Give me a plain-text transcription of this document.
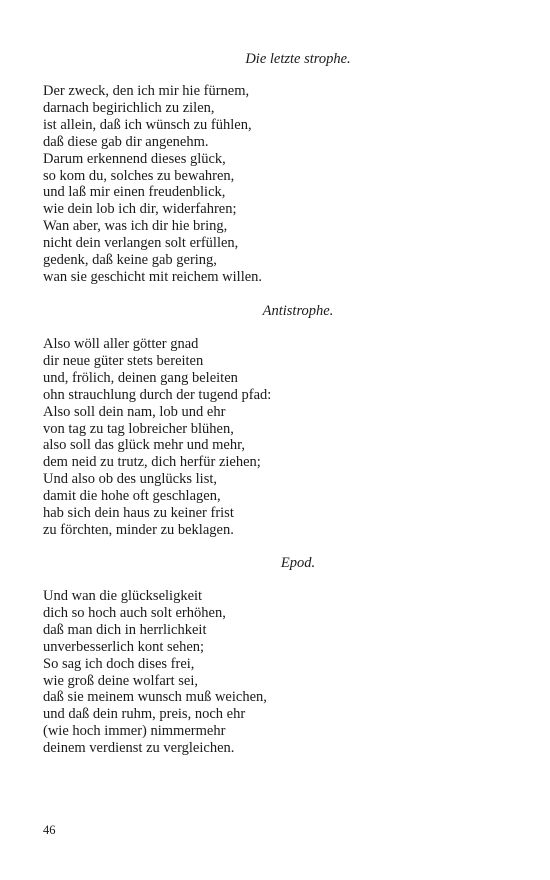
Die letzte strophe.

Der zweck, den ich mir hie fürnem,
darnach begirichlich zu zilen,
ist allein, daß ich wünsch zu fühlen,
daß diese gab dir angenehm.
Darum erkennend dieses glück,
so kom du, solches zu bewahren,
und laß mir einen freudenblick,
wie dein lob ich dir, widerfahren;
Wan aber, was ich dir hie bring,
nicht dein verlangen solt erfüllen,
gedenk, daß keine gab gering,
wan sie geschicht mit reichem willen.

Antistrophe.

Also wöll aller götter gnad
dir neue güter stets bereiten
und, frölich, deinen gang beleiten
ohn strauchlung durch der tugend pfad:
Also soll dein nam, lob und ehr
von tag zu tag lobreicher blühen,
also soll das glück mehr und mehr,
dem neid zu trutz, dich herfür ziehen;
Und also ob des unglücks list,
damit die hohe oft geschlagen,
hab sich dein haus zu keiner frist
zu förchten, minder zu beklagen.

Epod.

Und wan die glückseligkeit
dich so hoch auch solt erhöhen,
daß man dich in herrlichkeit
unverbesserlich kont sehen;
So sag ich doch dises frei,
wie groß deine wolfart sei,
daß sie meinem wunsch muß weichen,
und daß dein ruhm, preis, noch ehr
(wie hoch immer) nimmermehr
deinem verdienst zu vergleichen.
46
